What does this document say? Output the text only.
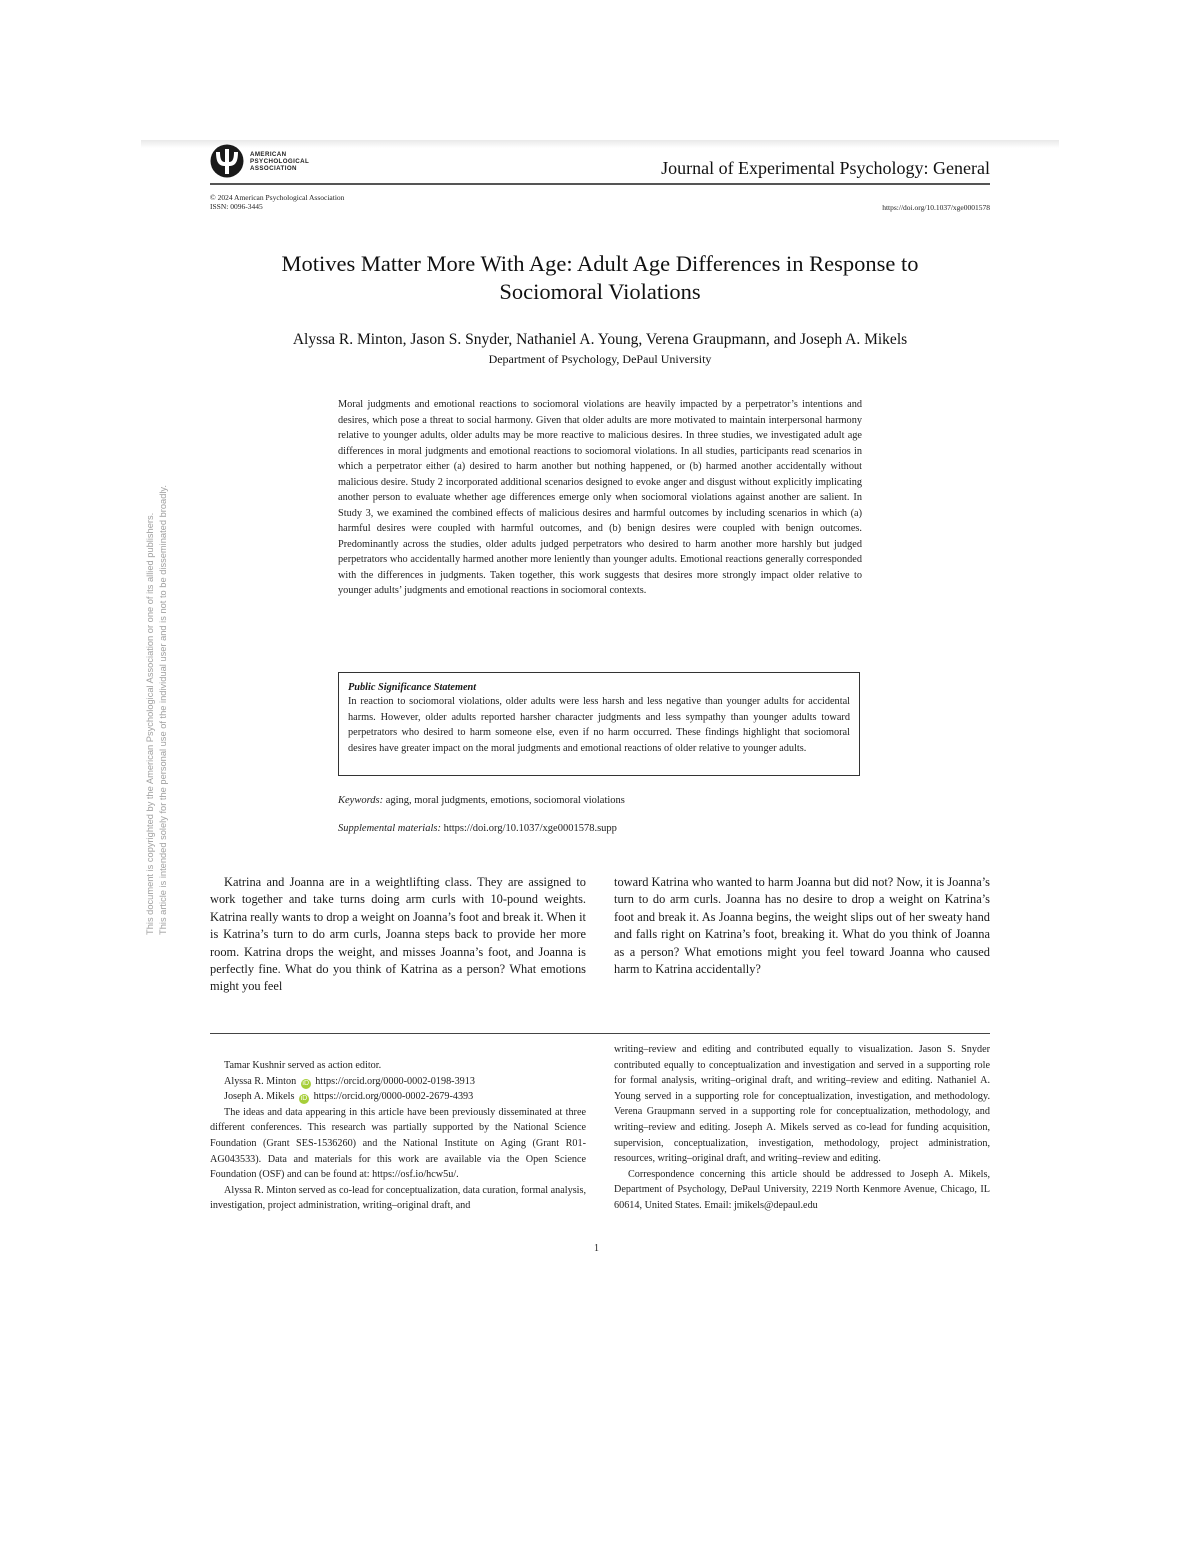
AMERICAN
PSYCHOLOGICAL
ASSOCIATION	Journal of Experimental Psychology: General
© 2024 American Psychological Association
ISSN: 0096-3445	https://doi.org/10.1037/xge0001578
Motives Matter More With Age: Adult Age Differences in Response to
Sociomoral Violations
Alyssa R. Minton, Jason S. Snyder, Nathaniel A. Young, Verena Graupmann, and Joseph A. Mikels
Department of Psychology, DePaul University
Moral judgments and emotional reactions to sociomoral violations are heavily impacted by a perpetrator’s intentions and desires, which pose a threat to social harmony. Given that older adults are more motivated to maintain interpersonal harmony relative to younger adults, older adults may be more reactive to malicious desires. In three studies, we investigated adult age differences in moral judgments and emotional reactions to sociomoral violations. In all studies, participants read scenarios in which a perpetrator either (a) desired to harm another but nothing happened, or (b) harmed another accidentally without malicious desire. Study 2 incorporated additional scenarios designed to evoke anger and disgust without explicitly implicating another person to evaluate whether age differences emerge only when sociomoral violations against another are salient. In Study 3, we examined the combined effects of malicious desires and harmful outcomes by including scenarios in which (a) harmful desires were coupled with harmful outcomes, and (b) benign desires were coupled with benign outcomes. Predominantly across the studies, older adults judged perpetrators who desired to harm another more harshly but judged perpetrators who accidentally harmed another more leniently than younger adults. Emotional reactions generally corresponded with the differences in judgments. Taken together, this work suggests that desires more strongly impact older relative to younger adults’ judgments and emotional reactions in sociomoral contexts.
Public Significance Statement
In reaction to sociomoral violations, older adults were less harsh and less negative than younger adults for accidental harms. However, older adults reported harsher character judgments and less sympathy than younger adults toward perpetrators who desired to harm someone else, even if no harm occurred. These findings highlight that sociomoral desires have greater impact on the moral judgments and emotional reactions of older relative to younger adults.
Keywords: aging, moral judgments, emotions, sociomoral violations
Supplemental materials: https://doi.org/10.1037/xge0001578.supp
Katrina and Joanna are in a weightlifting class. They are assigned to work together and take turns doing arm curls with 10-pound weights. Katrina really wants to drop a weight on Joanna’s foot and break it. When it is Katrina’s turn to do arm curls, Joanna steps back to provide her more room. Katrina drops the weight, and misses Joanna’s foot, and Joanna is perfectly fine. What do you think of Katrina as a person? What emotions might you feel
toward Katrina who wanted to harm Joanna but did not? Now, it is Joanna’s turn to do arm curls. Joanna has no desire to drop a weight on Katrina’s foot and break it. As Joanna begins, the weight slips out of her sweaty hand and falls right on Katrina’s foot, breaking it. What do you think of Joanna as a person? What emotions might you feel toward Joanna who caused harm to Katrina accidentally?

Tamar Kushnir served as action editor.

Alyssa R. Minton iD https://orcid.org/0000-0002-0198-3913

Joseph A. Mikels iD https://orcid.org/0000-0002-2679-4393

The ideas and data appearing in this article have been previously disseminated at three different conferences. This research was partially supported by the National Science Foundation (Grant SES-1536260) and the National Institute on Aging (Grant R01-AG043533). Data and materials for this work are available via the Open Science Foundation (OSF) and can be found at: https://osf.io/hcw5u/.

Alyssa R. Minton served as co-lead for conceptualization, data curation, formal analysis, investigation, project administration, writing–original draft, and

writing–review and editing and contributed equally to visualization. Jason S. Snyder contributed equally to conceptualization and investigation and served in a supporting role for formal analysis, writing–original draft, and writing–review and editing. Nathaniel A. Young served in a supporting role for conceptualization, investigation, and methodology. Verena Graupmann served in a supporting role for conceptualization, methodology, and writing–review and editing. Joseph A. Mikels served as co-lead for funding acquisition, supervision, conceptualization, investigation, methodology, project administration, resources, writing–original draft, and writing–review and editing.

Correspondence concerning this article should be addressed to Joseph A. Mikels, Department of Psychology, DePaul University, 2219 North Kenmore Avenue, Chicago, IL 60614, United States. Email: jmikels@depaul.edu

1
This document is copyrighted by the American Psychological Association or one of its allied publishers. This article is intended solely for the personal use of the individual user and is not to be disseminated broadly.
